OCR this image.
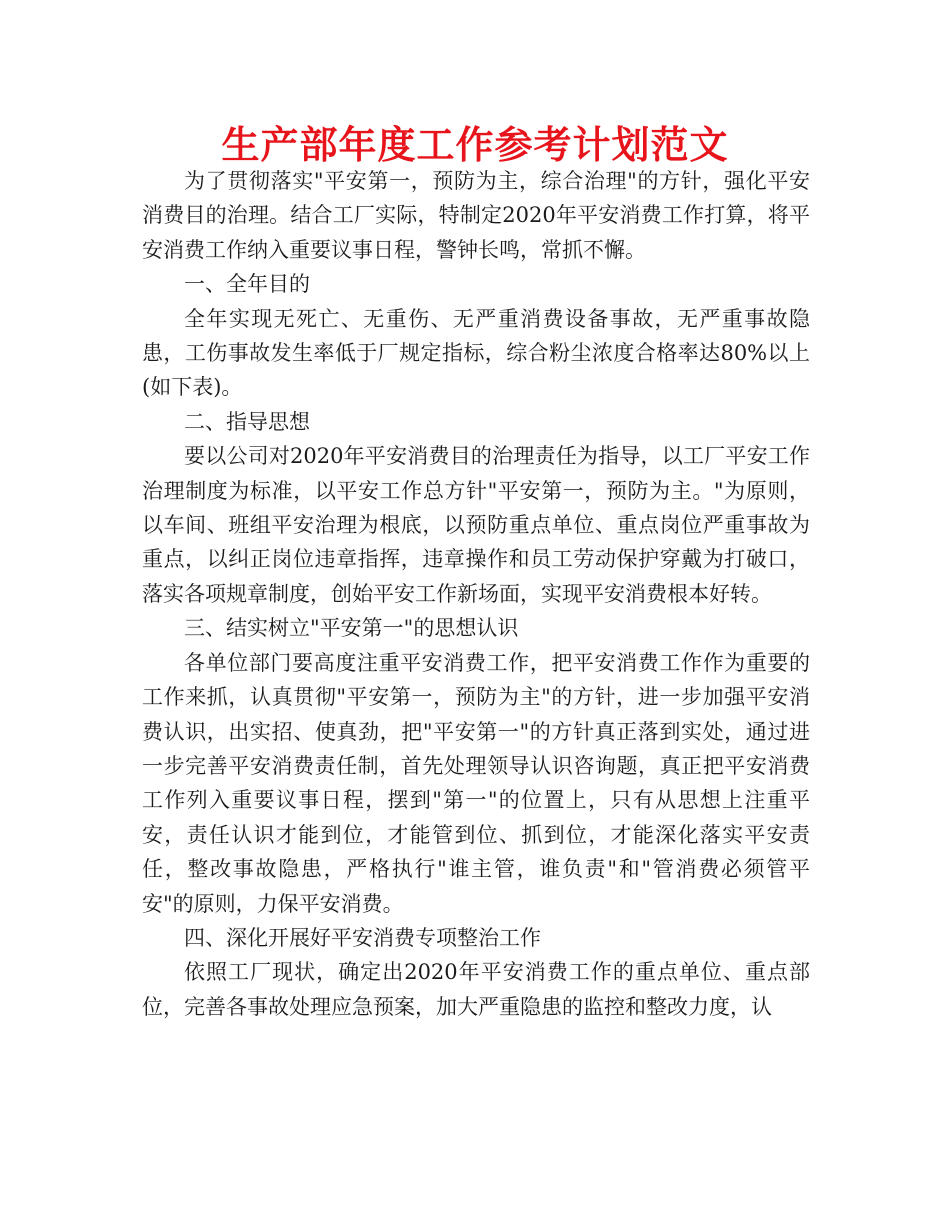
生产部年度工作参考计划范文

为了贯彻落实"平安第一，预防为主，综合治理"的方针，强化平安消费目的治理。结合工厂实际，特制定2020年平安消费工作打算，将平安消费工作纳入重要议事日程，警钟长鸣，常抓不懈。

一、全年目的

全年实现无死亡、无重伤、无严重消费设备事故，无严重事故隐患，工伤事故发生率低于厂规定指标，综合粉尘浓度合格率达80%以上(如下表)。

二、指导思想

要以公司对2020年平安消费目的治理责任为指导，以工厂平安工作治理制度为标准，以平安工作总方针"平安第一，预防为主。"为原则，以车间、班组平安治理为根底，以预防重点单位、重点岗位严重事故为重点，以纠正岗位违章指挥，违章操作和员工劳动保护穿戴为打破口，落实各项规章制度，创始平安工作新场面，实现平安消费根本好转。

三、结实树立"平安第一"的思想认识

各单位部门要高度注重平安消费工作，把平安消费工作作为重要的工作来抓，认真贯彻"平安第一，预防为主"的方针，进一步加强平安消费认识，出实招、使真劲，把"平安第一"的方针真正落到实处，通过进一步完善平安消费责任制，首先处理领导认识咨询题，真正把平安消费工作列入重要议事日程，摆到"第一"的位置上，只有从思想上注重平安，责任认识才能到位，才能管到位、抓到位，才能深化落实平安责任，整改事故隐患，严格执行"谁主管，谁负责"和"管消费必须管平安"的原则，力保平安消费。

四、深化开展好平安消费专项整治工作

依照工厂现状，确定出2020年平安消费工作的重点单位、重点部位，完善各事故处理应急预案，加大严重隐患的监控和整改力度，认
